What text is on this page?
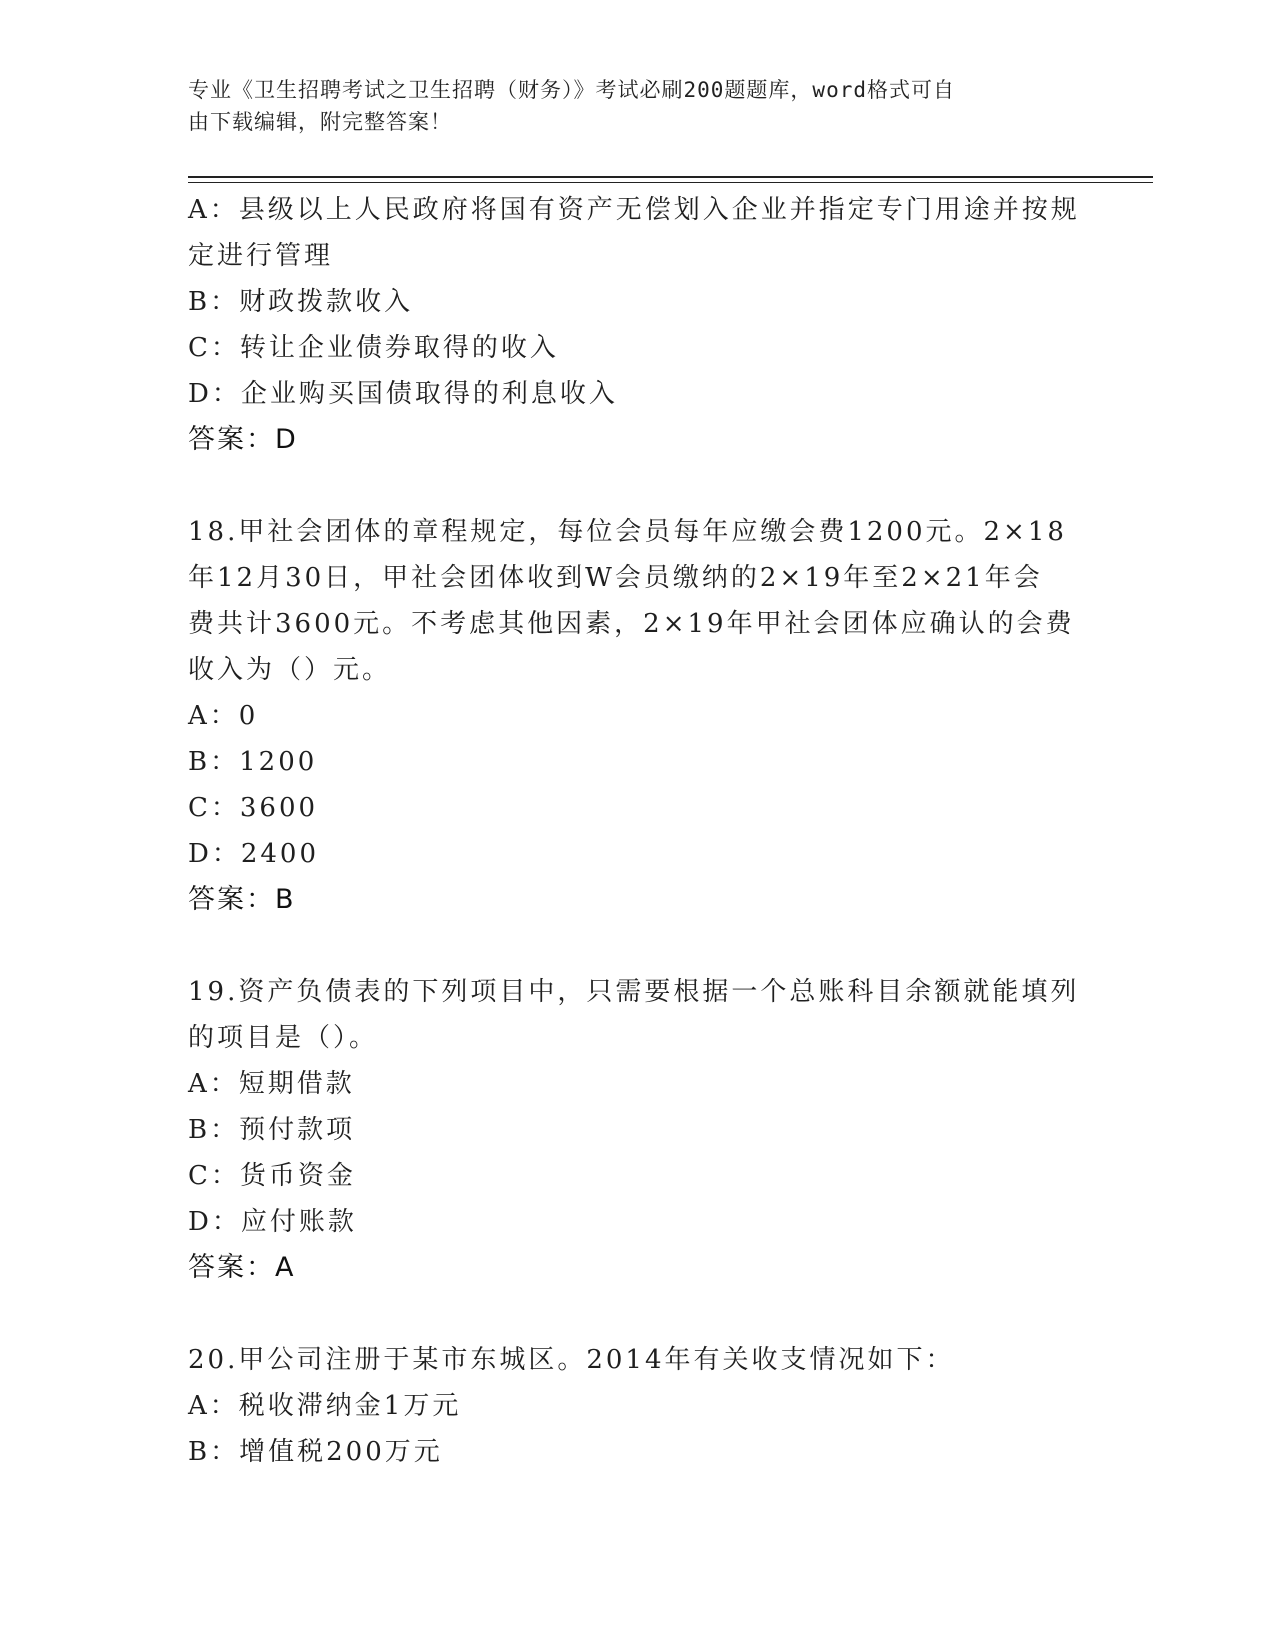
专业《卫生招聘考试之卫生招聘（财务）》考试必刷200题题库，word格式可自
由下载编辑，附完整答案！
A：县级以上人民政府将国有资产无偿划入企业并指定专门用途并按规
定进行管理
B：财政拨款收入
C：转让企业债券取得的收入
D：企业购买国债取得的利息收入
答案：D
18.甲社会团体的章程规定，每位会员每年应缴会费1200元。2×18
年12月30日，甲社会团体收到W会员缴纳的2×19年至2×21年会
费共计3600元。不考虑其他因素，2×19年甲社会团体应确认的会费
收入为（）元。
A：0
B：1200
C：3600
D：2400
答案：B
19.资产负债表的下列项目中，只需要根据一个总账科目余额就能填列
的项目是（）。
A：短期借款
B：预付款项
C：货币资金
D：应付账款
答案：A
20.甲公司注册于某市东城区。2014年有关收支情况如下：
A：税收滞纳金1万元
B：增值税200万元
